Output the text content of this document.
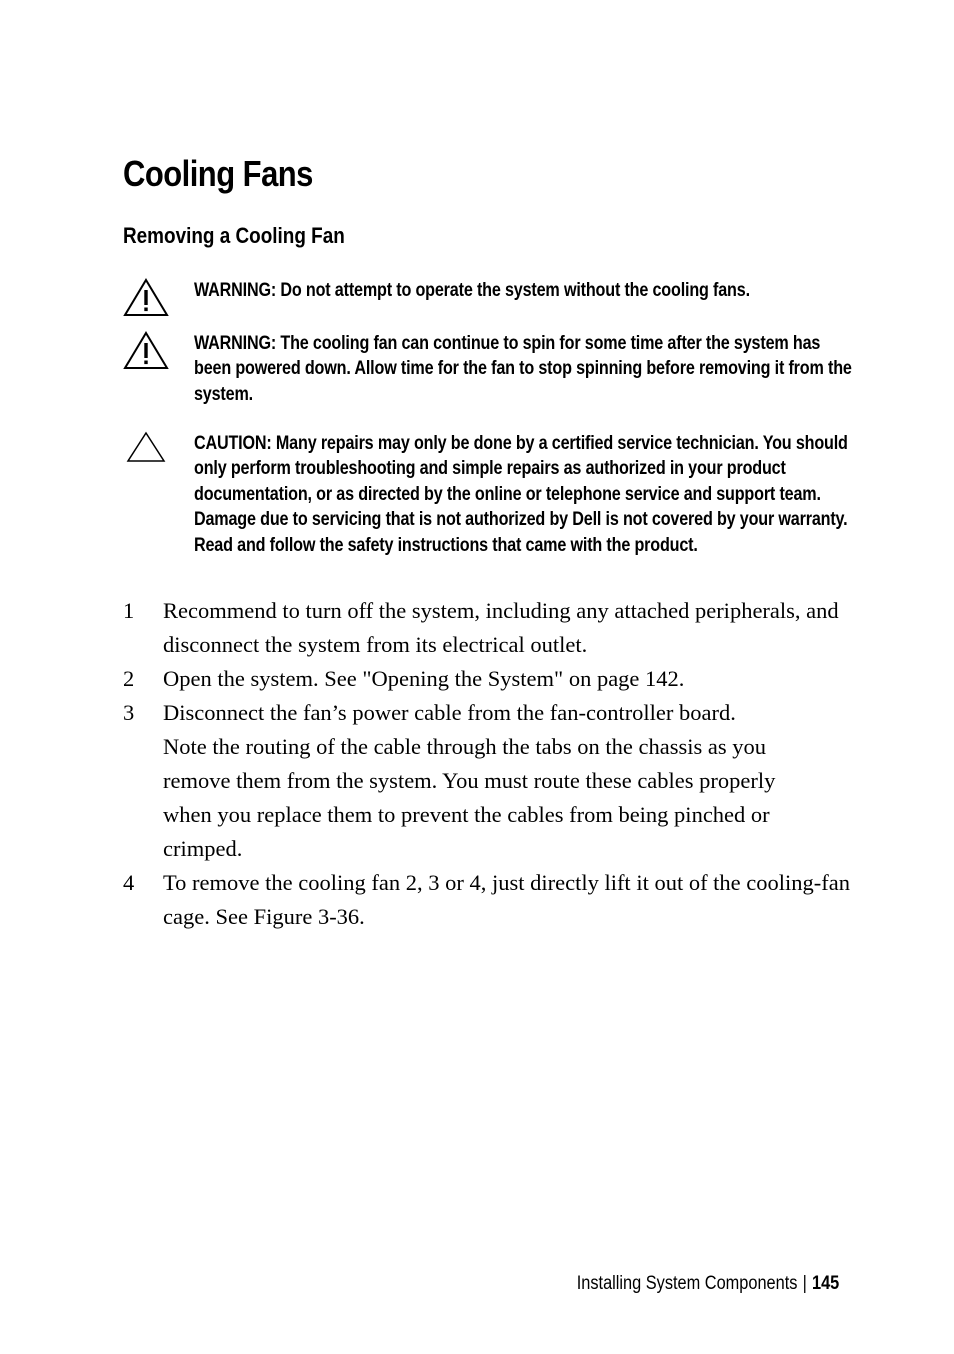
Cooling Fans
Removing a Cooling Fan

WARNING: Do not attempt to operate the system without the cooling fans.

WARNING: The cooling fan can continue to spin for some time after the system has been powered down. Allow time for the fan to stop spinning before removing it from the system.

CAUTION: Many repairs may only be done by a certified service technician. You should only perform troubleshooting and simple repairs as authorized in your product documentation, or as directed by the online or telephone service and support team. Damage due to servicing that is not authorized by Dell is not covered by your warranty. Read and follow the safety instructions that came with the product.

1	Recommend to turn off the system, including any attached peripherals, and disconnect the system from its electrical outlet.
2	Open the system. See "Opening the System" on page 142.
3	Disconnect the fan’s power cable from the fan-controller board.
Note the routing of the cable through the tabs on the chassis as you remove them from the system. You must route these cables properly when you replace them to prevent the cables from being pinched or crimped.
4	To remove the cooling fan 2, 3 or 4, just directly lift it out of the cooling-fan cage. See Figure 3-36.
Installing System Components | 145
